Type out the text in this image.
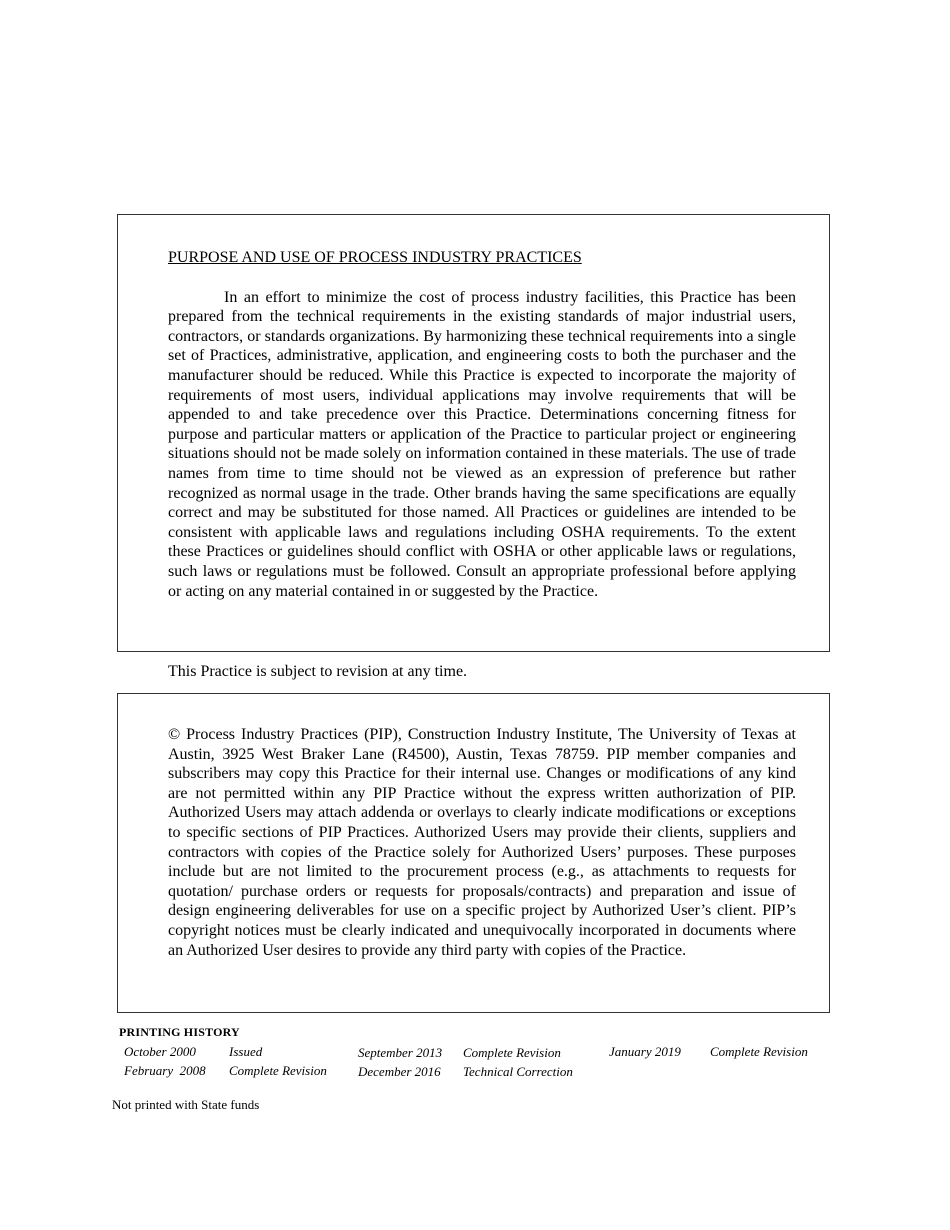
PURPOSE AND USE OF PROCESS INDUSTRY PRACTICES

In an effort to minimize the cost of process industry facilities, this Practice has been prepared from the technical requirements in the existing standards of major industrial users, contractors, or standards organizations. By harmonizing these technical requirements into a single set of Practices, administrative, application, and engineering costs to both the purchaser and the manufacturer should be reduced. While this Practice is expected to incorporate the majority of requirements of most users, individual applications may involve requirements that will be appended to and take precedence over this Practice. Determinations concerning fitness for purpose and particular matters or application of the Practice to particular project or engineering situations should not be made solely on information contained in these materials. The use of trade names from time to time should not be viewed as an expression of preference but rather recognized as normal usage in the trade. Other brands having the same specifications are equally correct and may be substituted for those named. All Practices or guidelines are intended to be consistent with applicable laws and regulations including OSHA requirements. To the extent these Practices or guidelines should conflict with OSHA or other applicable laws or regulations, such laws or regulations must be followed. Consult an appropriate professional before applying or acting on any material contained in or suggested by the Practice.

This Practice is subject to revision at any time.

© Process Industry Practices (PIP), Construction Industry Institute, The University of Texas at Austin, 3925 West Braker Lane (R4500), Austin, Texas 78759. PIP member companies and subscribers may copy this Practice for their internal use. Changes or modifications of any kind are not permitted within any PIP Practice without the express written authorization of PIP. Authorized Users may attach addenda or overlays to clearly indicate modifications or exceptions to specific sections of PIP Practices. Authorized Users may provide their clients, suppliers and contractors with copies of the Practice solely for Authorized Users’ purposes. These purposes include but are not limited to the procurement process (e.g., as attachments to requests for quotation/ purchase orders or requests for proposals/contracts) and preparation and issue of design engineering deliverables for use on a specific project by Authorized User’s client. PIP’s copyright notices must be clearly indicated and unequivocally incorporated in documents where an Authorized User desires to provide any third party with copies of the Practice.

PRINTING HISTORY

October 2000	Issued
February  2008 Complete Revision
September 2013 Complete Revision
December 2016 Technical Correction
January 2019 Complete Revision

Not printed with State funds
